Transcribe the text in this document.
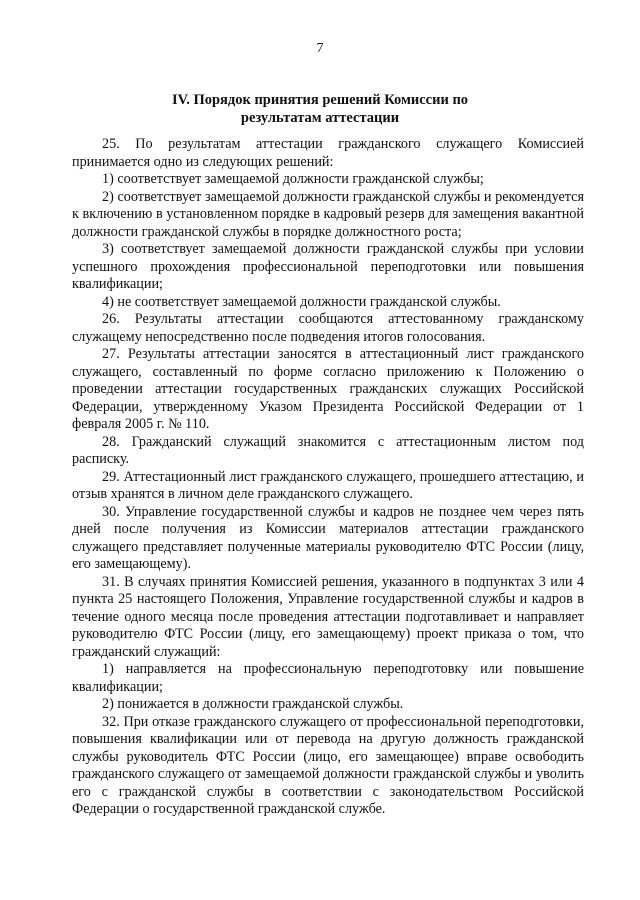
7
IV. Порядок принятия решений Комиссии по
результатам аттестации

25. По результатам аттестации гражданского служащего Комиссией принимается одно из следующих решений:

1) соответствует замещаемой должности гражданской службы;

2) соответствует замещаемой должности гражданской службы и рекомендуется к включению в установленном порядке в кадровый резерв для замещения вакантной должности гражданской службы в порядке должностного роста;

3) соответствует замещаемой должности гражданской службы при условии успешного прохождения профессиональной переподготовки или повышения квалификации;

4) не соответствует замещаемой должности гражданской службы.

26. Результаты аттестации сообщаются аттестованному гражданскому служащему непосредственно после подведения итогов голосования.

27. Результаты аттестации заносятся в аттестационный лист гражданского служащего, составленный по форме согласно приложению к Положению о проведении аттестации государственных гражданских служащих Российской Федерации, утвержденному Указом Президента Российской Федерации от 1 февраля 2005 г. № 110.

28. Гражданский служащий знакомится с аттестационным листом под расписку.

29. Аттестационный лист гражданского служащего, прошедшего аттестацию, и отзыв хранятся в личном деле гражданского служащего.

30. Управление государственной службы и кадров не позднее чем через пять дней после получения из Комиссии материалов аттестации гражданского служащего представляет полученные материалы руководителю ФТС России (лицу, его замещающему).

31. В случаях принятия Комиссией решения, указанного в подпунктах 3 или 4 пункта 25 настоящего Положения, Управление государственной службы и кадров в течение одного месяца после проведения аттестации подготавливает и направляет руководителю ФТС России (лицу, его замещающему) проект приказа о том, что гражданский служащий:

1) направляется на профессиональную переподготовку или повышение квалификации;

2) понижается в должности гражданской службы.

32. При отказе гражданского служащего от профессиональной переподготовки, повышения квалификации или от перевода на другую должность гражданской службы руководитель ФТС России (лицо, его замещающее) вправе освободить гражданского служащего от замещаемой должности гражданской службы и уволить его с гражданской службы в соответствии с законодательством Российской Федерации о государственной гражданской службе.
